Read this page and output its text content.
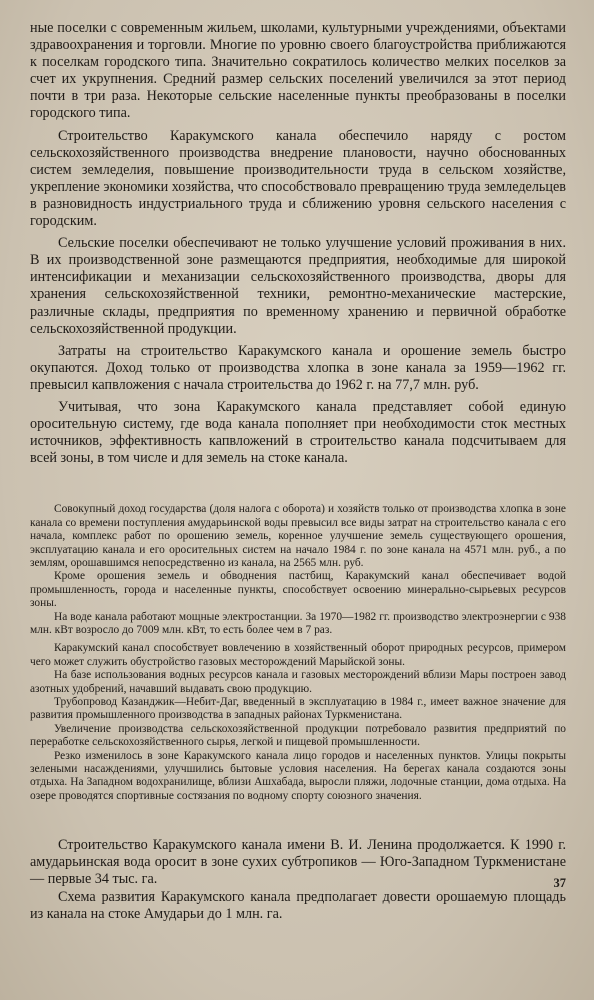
ные поселки с современным жильем, школами, культурными учреждениями, объектами здравоохранения и торговли. Многие по уровню своего благоустройства приближаются к поселкам городского типа. Значительно сократилось количество мелких поселков за счет их укрупнения. Средний размер сельских поселений увеличился за этот период почти в три раза. Некоторые сельские населенные пункты преобразованы в поселки городского типа.

Строительство Каракумского канала обеспечило наряду с ростом сельскохозяйственного производства внедрение плановости, научно обоснованных систем земледелия, повышение производительности труда в сельском хозяйстве, укрепление экономики хозяйства, что способствовало превращению труда земледельцев в разновидность индустриального труда и сближению уровня сельского населения с городским.

Сельские поселки обеспечивают не только улучшение условий проживания в них. В их производственной зоне размещаются предприятия, необходимые для широкой интенсификации и механизации сельскохозяйственного производства, дворы для хранения сельскохозяйственной техники, ремонтно-механические мастерские, различные склады, предприятия по временному хранению и первичной обработке сельскохозяйственной продукции.

Затраты на строительство Каракумского канала и орошение земель быстро окупаются. Доход только от производства хлопка в зоне канала за 1959—1962 гг. превысил капвложения с начала строительства до 1962 г. на 77,7 млн. руб.

Учитывая, что зона Каракумского канала представляет собой единую оросительную систему, где вода канала пополняет при необходимости сток местных источников, эффективность капвложений в строительство канала подсчитываем для всей зоны, в том числе и для земель на стоке канала.

Совокупный доход государства (доля налога с оборота) и хозяйств только от производства хлопка в зоне канала со времени поступления амударьинской воды превысил все виды затрат на строительство канала с его начала, комплекс работ по орошению земель, коренное улучшение земель существующего орошения, эксплуатацию канала и его оросительных систем на начало 1984 г. по зоне канала на 4571 млн. руб., а по землям, орошавшимся непосредственно из канала, на 2565 млн. руб.

Кроме орошения земель и обводнения пастбищ, Каракумский канал обеспечивает водой промышленность, города и населенные пункты, способствует освоению минерально-сырьевых ресурсов зоны.

На воде канала работают мощные электростанции. За 1970—1982 гг. производство электроэнергии с 938 млн. кВт возросло до 7009 млн. кВт, то есть более чем в 7 раз.

Каракумский канал способствует вовлечению в хозяйственный оборот природных ресурсов, примером чего может служить обустройство газовых месторождений Марыйской зоны.

На базе использования водных ресурсов канала и газовых месторождений вблизи Мары построен завод азотных удобрений, начавший выдавать свою продукцию.

Трубопровод Казанджик—Небит-Даг, введенный в эксплуатацию в 1984 г., имеет важное значение для развития промышленного производства в западных районах Туркменистана.

Увеличение производства сельскохозяйственной продукции потребовало развития предприятий по переработке сельскохозяйственного сырья, легкой и пищевой промышленности.

Резко изменилось в зоне Каракумского канала лицо городов и населенных пунктов. Улицы покрыты зелеными насаждениями, улучшились бытовые условия населения. На берегах канала создаются зоны отдыха. На Западном водохранилище, вблизи Ашхабада, выросли пляжи, лодочные станции, дома отдыха. На озере проводятся спортивные состязания по водному спорту союзного значения.

Строительство Каракумского канала имени В. И. Ленина продолжается. К 1990 г. амударьинская вода оросит в зоне сухих субтропиков — Юго-Западном Туркменистане — первые 34 тыс. га.

Схема развития Каракумского канала предполагает довести орошаемую площадь из канала на стоке Амударьи до 1 млн. га.

37
